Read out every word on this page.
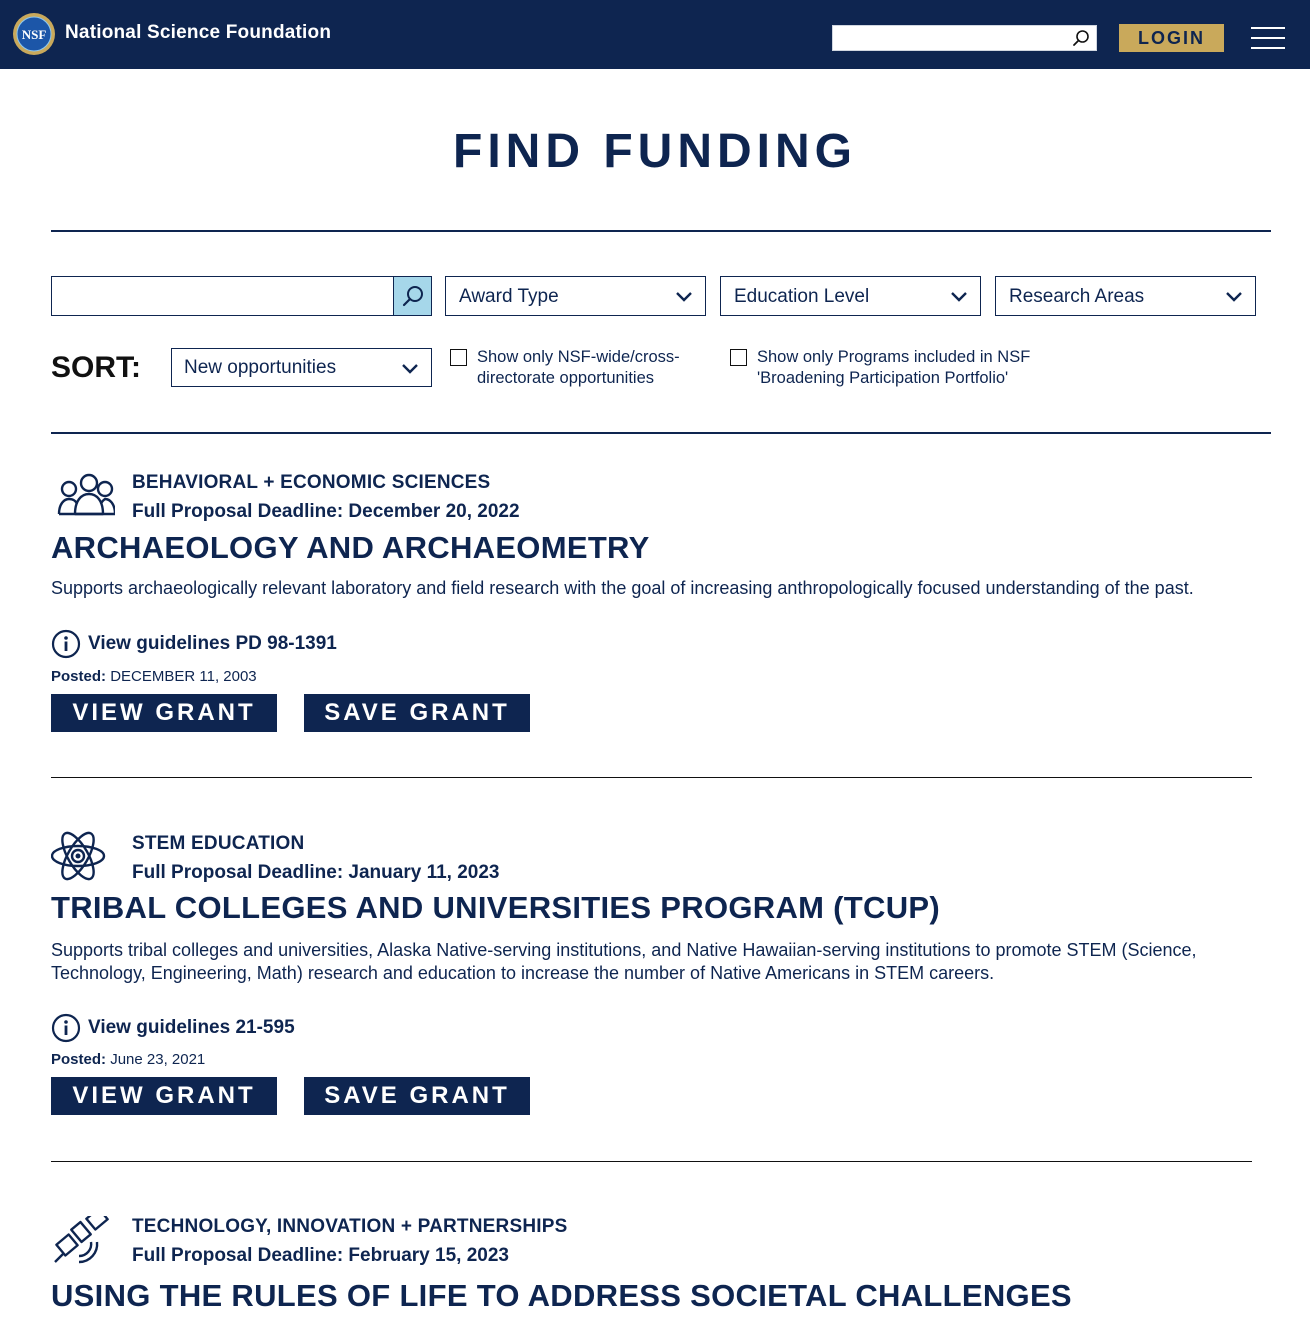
NSF National Science Foundation	LOGIN
FIND FUNDING
Award Type	Education Level	Research Areas
SORT: New opportunities	Show only NSF-wide/cross-directorate opportunities
Show only Programs included in NSF 'Broadening Participation Portfolio'
BEHAVIORAL + ECONOMIC SCIENCES
Full Proposal Deadline: December 20, 2022
ARCHAEOLOGY AND ARCHAEOMETRY
Supports archaeologically relevant laboratory and field research with the goal of increasing anthropologically focused understanding of the past.
View guidelines PD 98-1391
Posted: DECEMBER 11, 2003
VIEW GRANT	SAVE GRANT
STEM EDUCATION
Full Proposal Deadline: January 11, 2023
TRIBAL COLLEGES AND UNIVERSITIES PROGRAM (TCUP)
Supports tribal colleges and universities, Alaska Native-serving institutions, and Native Hawaiian-serving institutions to promote STEM (Science, Technology, Engineering, Math) research and education to increase the number of Native Americans in STEM careers.
View guidelines 21-595
Posted: June 23, 2021
VIEW GRANT	SAVE GRANT
TECHNOLOGY, INNOVATION + PARTNERSHIPS
Full Proposal Deadline: February 15, 2023
USING THE RULES OF LIFE TO ADDRESS SOCIETAL CHALLENGES
